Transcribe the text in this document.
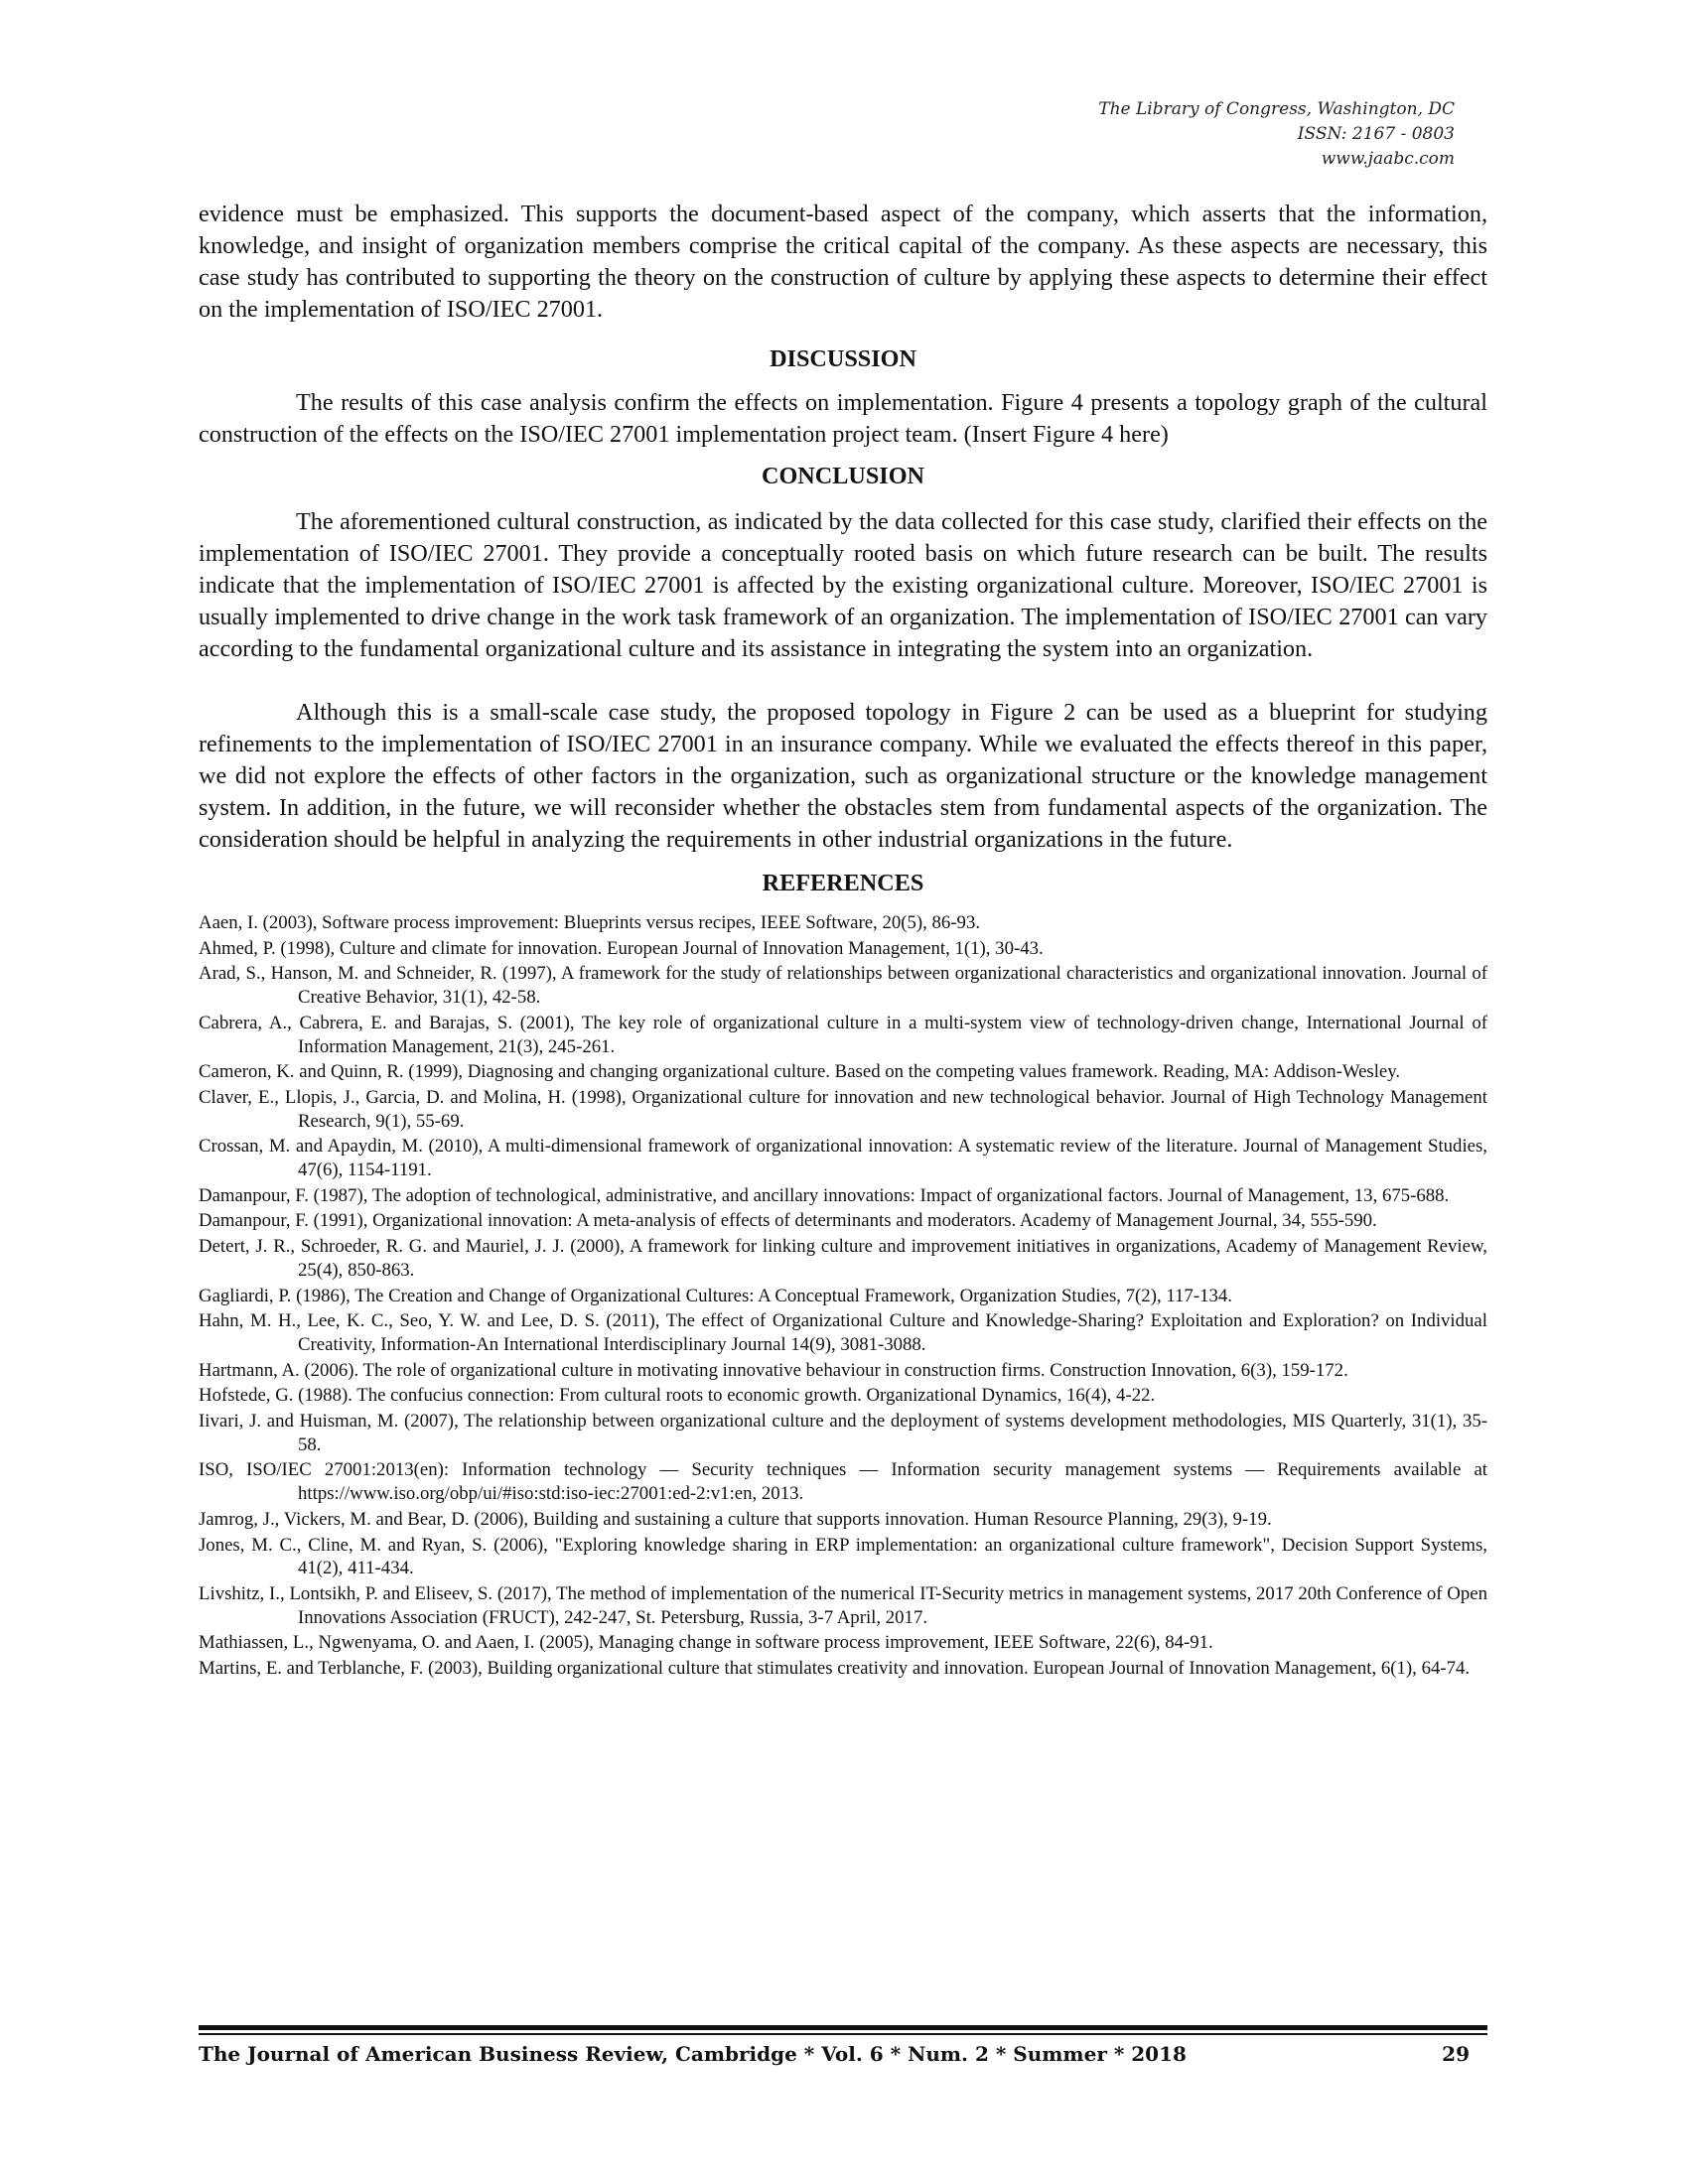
The Library of Congress, Washington, DC
ISSN: 2167 - 0803
www.jaabc.com

evidence must be emphasized. This supports the document-based aspect of the company, which asserts that the information, knowledge, and insight of organization members comprise the critical capital of the company. As these aspects are necessary, this case study has contributed to supporting the theory on the construction of culture by applying these aspects to determine their effect on the implementation of ISO/IEC 27001.

DISCUSSION

The results of this case analysis confirm the effects on implementation. Figure 4 presents a topology graph of the cultural construction of the effects on the ISO/IEC 27001 implementation project team. (Insert Figure 4 here)

CONCLUSION

The aforementioned cultural construction, as indicated by the data collected for this case study, clarified their effects on the implementation of ISO/IEC 27001. They provide a conceptually rooted basis on which future research can be built. The results indicate that the implementation of ISO/IEC 27001 is affected by the existing organizational culture. Moreover, ISO/IEC 27001 is usually implemented to drive change in the work task framework of an organization. The implementation of ISO/IEC 27001 can vary according to the fundamental organizational culture and its assistance in integrating the system into an organization.

Although this is a small-scale case study, the proposed topology in Figure 2 can be used as a blueprint for studying refinements to the implementation of ISO/IEC 27001 in an insurance company. While we evaluated the effects thereof in this paper, we did not explore the effects of other factors in the organization, such as organizational structure or the knowledge management system. In addition, in the future, we will reconsider whether the obstacles stem from fundamental aspects of the organization. The consideration should be helpful in analyzing the requirements in other industrial organizations in the future.

REFERENCES
Aaen, I. (2003), Software process improvement: Blueprints versus recipes, IEEE Software, 20(5), 86-93.
Ahmed, P. (1998), Culture and climate for innovation. European Journal of Innovation Management, 1(1), 30-43.
Arad, S., Hanson, M. and Schneider, R. (1997), A framework for the study of relationships between organizational characteristics and organizational innovation. Journal of Creative Behavior, 31(1), 42-58.
Cabrera, A., Cabrera, E. and Barajas, S. (2001), The key role of organizational culture in a multi-system view of technology-driven change, International Journal of Information Management, 21(3), 245-261.
Cameron, K. and Quinn, R. (1999), Diagnosing and changing organizational culture. Based on the competing values framework. Reading, MA: Addison-Wesley.
Claver, E., Llopis, J., Garcia, D. and Molina, H. (1998), Organizational culture for innovation and new technological behavior. Journal of High Technology Management Research, 9(1), 55-69.
Crossan, M. and Apaydin, M. (2010), A multi-dimensional framework of organizational innovation: A systematic review of the literature. Journal of Management Studies, 47(6), 1154-1191.
Damanpour, F. (1987), The adoption of technological, administrative, and ancillary innovations: Impact of organizational factors. Journal of Management, 13, 675-688.
Damanpour, F. (1991), Organizational innovation: A meta-analysis of effects of determinants and moderators. Academy of Management Journal, 34, 555-590.
Detert, J. R., Schroeder, R. G. and Mauriel, J. J. (2000), A framework for linking culture and improvement initiatives in organizations, Academy of Management Review, 25(4), 850-863.
Gagliardi, P. (1986), The Creation and Change of Organizational Cultures: A Conceptual Framework, Organization Studies, 7(2), 117-134.
Hahn, M. H., Lee, K. C., Seo, Y. W. and Lee, D. S. (2011), The effect of Organizational Culture and Knowledge-Sharing? Exploitation and Exploration? on Individual Creativity, Information-An International Interdisciplinary Journal 14(9), 3081-3088.
Hartmann, A. (2006). The role of organizational culture in motivating innovative behaviour in construction firms. Construction Innovation, 6(3), 159-172.
Hofstede, G. (1988). The confucius connection: From cultural roots to economic growth. Organizational Dynamics, 16(4), 4-22.
Iivari, J. and Huisman, M. (2007), The relationship between organizational culture and the deployment of systems development methodologies, MIS Quarterly, 31(1), 35-58.
ISO, ISO/IEC 27001:2013(en): Information technology — Security techniques — Information security management systems — Requirements available at https://www.iso.org/obp/ui/#iso:std:iso-iec:27001:ed-2:v1:en, 2013.
Jamrog, J., Vickers, M. and Bear, D. (2006), Building and sustaining a culture that supports innovation. Human Resource Planning, 29(3), 9-19.
Jones, M. C., Cline, M. and Ryan, S. (2006), "Exploring knowledge sharing in ERP implementation: an organizational culture framework", Decision Support Systems, 41(2), 411-434.
Livshitz, I., Lontsikh, P. and Eliseev, S. (2017), The method of implementation of the numerical IT-Security metrics in management systems, 2017 20th Conference of Open Innovations Association (FRUCT), 242-247, St. Petersburg, Russia, 3-7 April, 2017.
Mathiassen, L., Ngwenyama, O. and Aaen, I. (2005), Managing change in software process improvement, IEEE Software, 22(6), 84-91.
Martins, E. and Terblanche, F. (2003), Building organizational culture that stimulates creativity and innovation. European Journal of Innovation Management, 6(1), 64-74.
The Journal of American Business Review, Cambridge * Vol. 6 * Num. 2 * Summer * 2018	29
